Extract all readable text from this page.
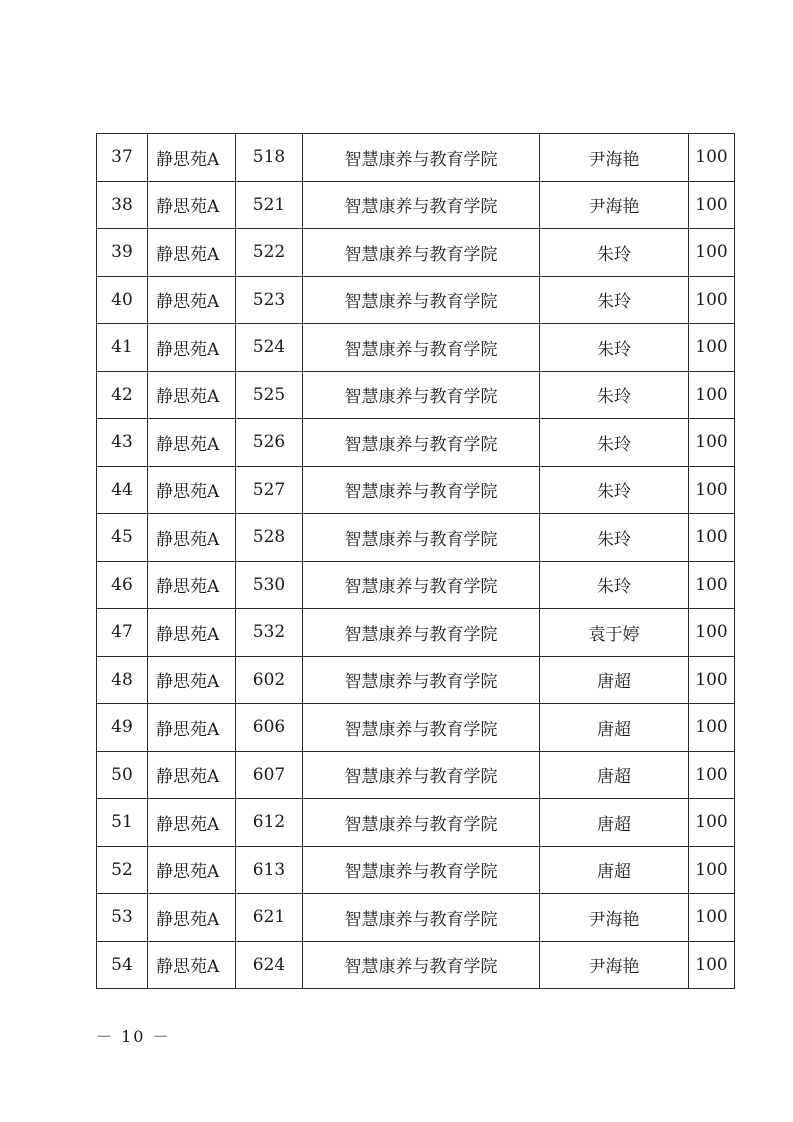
37	静思苑A	518	智慧康养与教育学院	尹海艳	100
38	静思苑A	521	智慧康养与教育学院	尹海艳	100
39	静思苑A	522	智慧康养与教育学院	朱玲	100
40	静思苑A	523	智慧康养与教育学院	朱玲	100
41	静思苑A	524	智慧康养与教育学院	朱玲	100
42	静思苑A	525	智慧康养与教育学院	朱玲	100
43	静思苑A	526	智慧康养与教育学院	朱玲	100
44	静思苑A	527	智慧康养与教育学院	朱玲	100
45	静思苑A	528	智慧康养与教育学院	朱玲	100
46	静思苑A	530	智慧康养与教育学院	朱玲	100
47	静思苑A	532	智慧康养与教育学院	袁于婷	100
48	静思苑A	602	智慧康养与教育学院	唐超	100
49	静思苑A	606	智慧康养与教育学院	唐超	100
50	静思苑A	607	智慧康养与教育学院	唐超	100
51	静思苑A	612	智慧康养与教育学院	唐超	100
52	静思苑A	613	智慧康养与教育学院	唐超	100
53	静思苑A	621	智慧康养与教育学院	尹海艳	100
54	静思苑A	624	智慧康养与教育学院	尹海艳	100
－ 10 －
